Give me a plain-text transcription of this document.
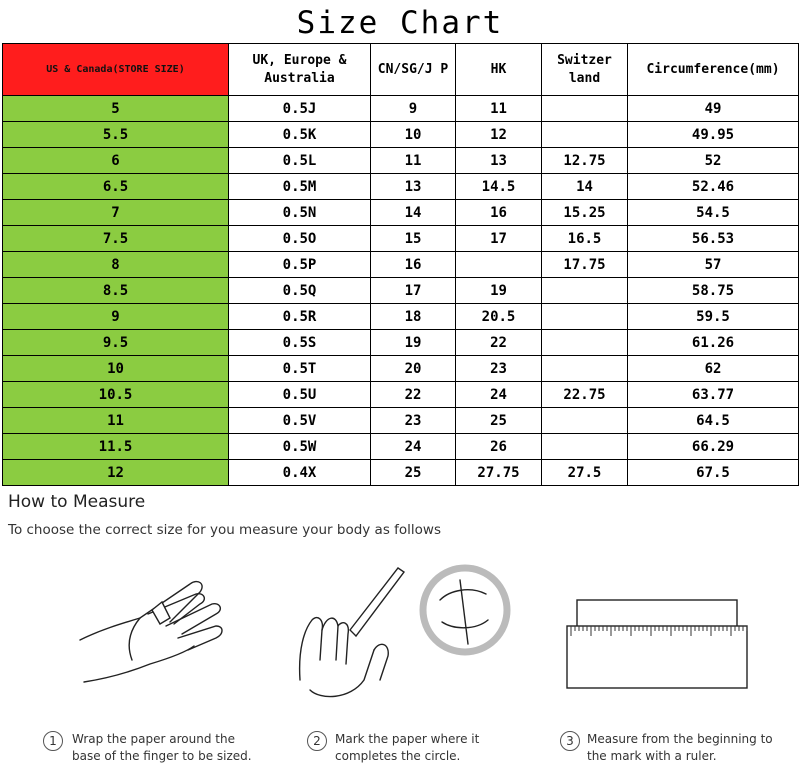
Size Chart
US & Canada(STORE SIZE)	UK, Europe & Australia	CN/SG/J P	HK	Switzer land	Circumference(mm)
5	0.5J	9	11		49
5.5	0.5K	10	12		49.95
6	0.5L	11	13	12.75	52
6.5	0.5M	13	14.5	14	52.46
7	0.5N	14	16	15.25	54.5
7.5	0.5O	15	17	16.5	56.53
8	0.5P	16		17.75	57
8.5	0.5Q	17	19		58.75
9	0.5R	18	20.5		59.5
9.5	0.5S	19	22		61.26
10	0.5T	20	23		62
10.5	0.5U	22	24	22.75	63.77
11	0.5V	23	25		64.5
11.5	0.5W	24	26		66.29
12	0.4X	25	27.75	27.5	67.5
How to Measure
To choose the correct size for you measure your body as follows
1	Wrap the paper around the
base of the finger to be sized.
2	Mark the paper where it
completes the circle.
3	Measure from the beginning to
the mark with a ruler.
